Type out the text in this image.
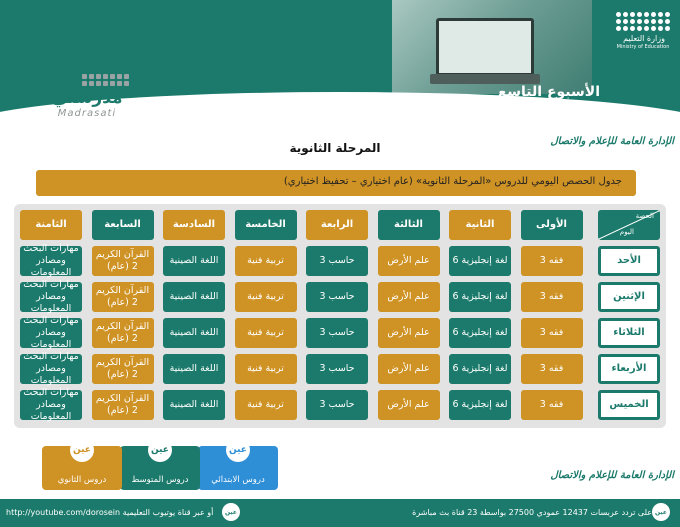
وزارة التعليم
Ministry of Education
الأسبوع التاسع
الفصل الأول 1443هـ
مدرستي
Madrasati
الإدارة العامة للإعلام والاتصال
الإدارة العامة للإعلام والاتصال
المرحلة الثانوية
جدول الحصص اليومي للدروس «المرحلة الثانوية» (عام اختياري – تحفيظ اختياري)
الحصة
اليوم
الأولى
الثانية
الثالثة
الرابعة
الخامسة
السادسة
السابعة
الثامنة
الأحد
فقه 3
لغة إنجليزية 6
علم الأرض
حاسب 3
تربية فنية
اللغة الصينية
القرآن الكريم 2 (عام)
مهارات البحث ومصادر المعلومات
الإثنين
فقه 3
لغة إنجليزية 6
علم الأرض
حاسب 3
تربية فنية
اللغة الصينية
القرآن الكريم 2 (عام)
مهارات البحث ومصادر المعلومات
الثلاثاء
فقه 3
لغة إنجليزية 6
علم الأرض
حاسب 3
تربية فنية
اللغة الصينية
القرآن الكريم 2 (عام)
مهارات البحث ومصادر المعلومات
الأربعاء
فقه 3
لغة إنجليزية 6
علم الأرض
حاسب 3
تربية فنية
اللغة الصينية
القرآن الكريم 2 (عام)
مهارات البحث ومصادر المعلومات
الخميس
فقه 3
لغة إنجليزية 6
علم الأرض
حاسب 3
تربية فنية
اللغة الصينية
القرآن الكريم 2 (عام)
مهارات البحث ومصادر المعلومات
عين
دروس الابتدائي
عين
دروس المتوسط
عين
دروس الثانوي
عين
على تردد عربسات 12437 عمودي 27500 بواسطة 23 قناة بث مباشرة
عين
http://youtube.com/dorosein أو عبر قناة يوتيوب التعليمية
